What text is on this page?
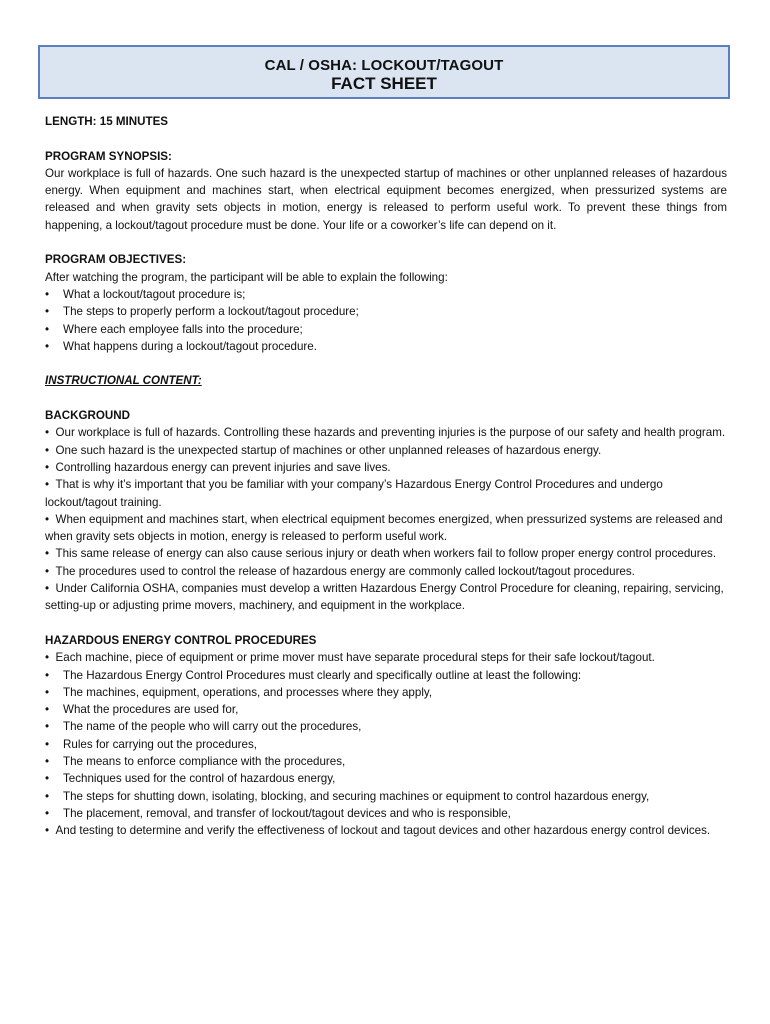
CAL / OSHA: LOCKOUT/TAGOUT
FACT SHEET

LENGTH: 15 MINUTES

PROGRAM SYNOPSIS:

Our workplace is full of hazards. One such hazard is the unexpected startup of machines or other unplanned releases of hazardous energy. When equipment and machines start, when electrical equipment becomes energized, when pressurized systems are released and when gravity sets objects in motion, energy is released to perform useful work. To prevent these things from happening, a lockout/tagout procedure must be done. Your life or a coworker’s life can depend on it.

PROGRAM OBJECTIVES:

After watching the program, the participant will be able to explain the following:

• What a lockout/tagout procedure is;

• The steps to properly perform a lockout/tagout procedure;

• Where each employee falls into the procedure;

• What happens during a lockout/tagout procedure.

INSTRUCTIONAL CONTENT:

BACKGROUND

•  Our workplace is full of hazards. Controlling these hazards and preventing injuries is the purpose of our safety and health program.

•  One such hazard is the unexpected startup of machines or other unplanned releases of hazardous energy.

•  Controlling hazardous energy can prevent injuries and save lives.

•  That is why it’s important that you be familiar with your company’s Hazardous Energy Control Procedures and undergo lockout/tagout training.

•  When equipment and machines start, when electrical equipment becomes energized, when pressurized systems are released and when gravity sets objects in motion, energy is released to perform useful work.

•  This same release of energy can also cause serious injury or death when workers fail to follow proper energy control procedures.

•  The procedures used to control the release of hazardous energy are commonly called lockout/tagout procedures.

•  Under California OSHA, companies must develop a written Hazardous Energy Control Procedure for cleaning, repairing, servicing, setting-up or adjusting prime movers, machinery, and equipment in the workplace.

HAZARDOUS ENERGY CONTROL PROCEDURES

•  Each machine, piece of equipment or prime mover must have separate procedural steps for their safe lockout/tagout.

• The Hazardous Energy Control Procedures must clearly and specifically outline at least the following:

• The machines, equipment, operations, and processes where they apply,

• What the procedures are used for,

• The name of the people who will carry out the procedures,

• Rules for carrying out the procedures,

• The means to enforce compliance with the procedures,

• Techniques used for the control of hazardous energy,

• The steps for shutting down, isolating, blocking, and securing machines or equipment to control hazardous energy,

• The placement, removal, and transfer of lockout/tagout devices and who is responsible,

•  And testing to determine and verify the effectiveness of lockout and tagout devices and other hazardous energy control devices.
